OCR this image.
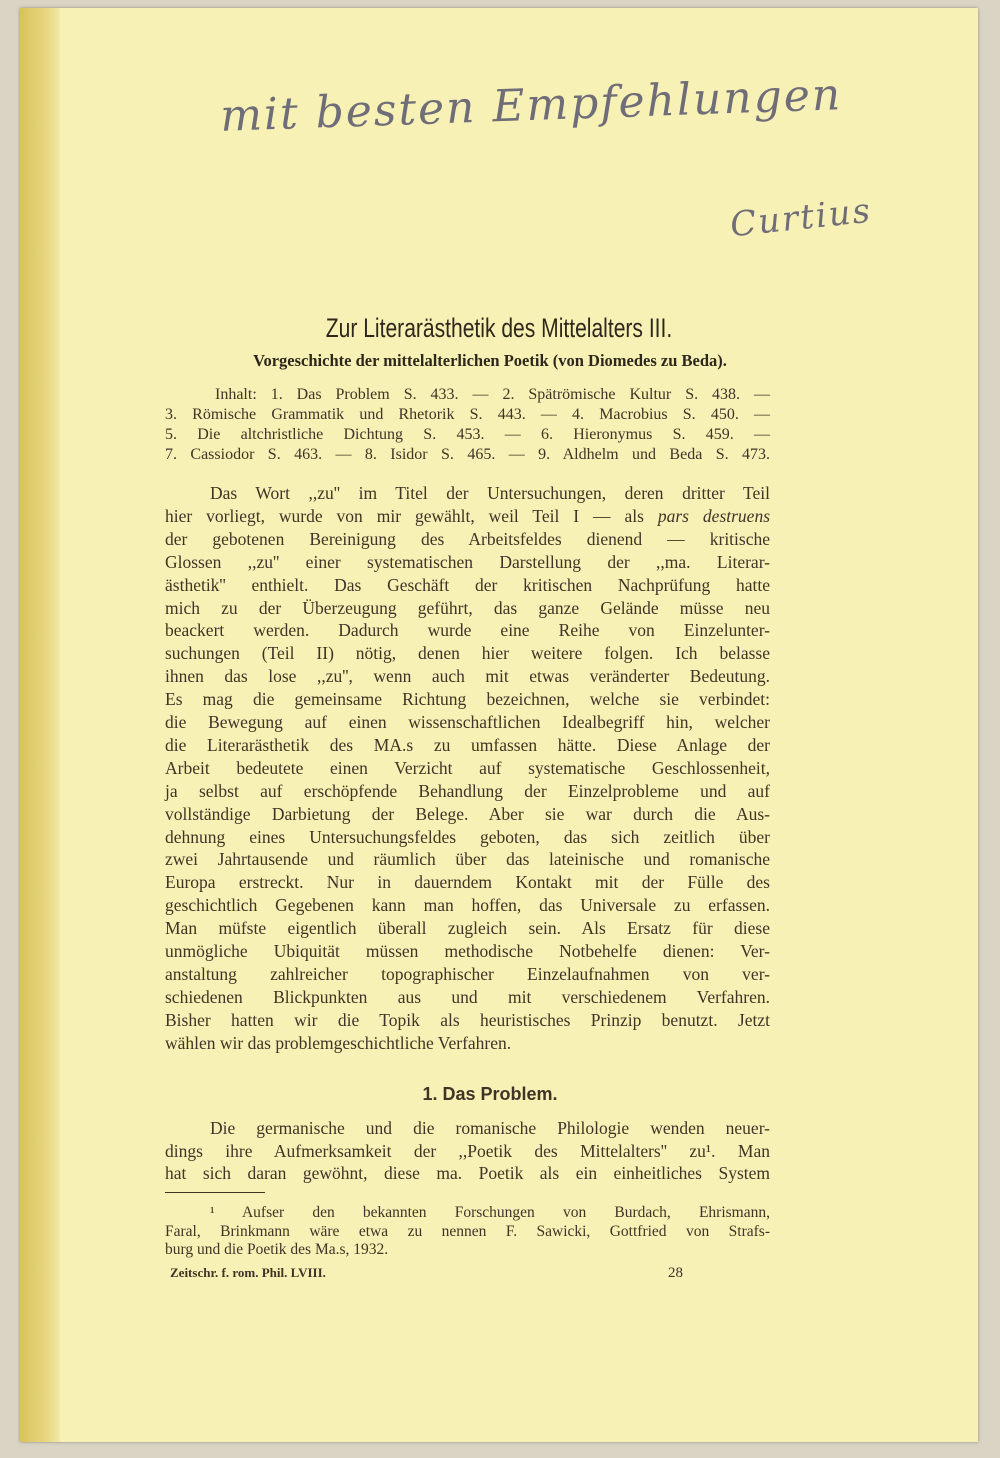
mit besten Empfehlungen
Curtius
Zur Literarästhetik des Mittelalters III.
Vorgeschichte der mittelalterlichen Poetik (von Diomedes zu Beda).
Inhalt: 1. Das Problem S. 433. — 2. Spätrömische Kultur S. 438. —
3. Römische Grammatik und Rhetorik S. 443. — 4. Macrobius S. 450. —
5. Die altchristliche Dichtung S. 453. — 6. Hieronymus S. 459. —
7. Cassiodor S. 463. — 8. Isidor S. 465. — 9. Aldhelm und Beda S. 473.
Das Wort ,,zu'' im Titel der Untersuchungen, deren dritter Teil
hier vorliegt, wurde von mir gewählt, weil Teil I — als pars destruens
der gebotenen Bereinigung des Arbeitsfeldes dienend — kritische
Glossen ,,zu'' einer systematischen Darstellung der ,,ma. Literar-
ästhetik'' enthielt. Das Geschäft der kritischen Nachprüfung hatte
mich zu der Überzeugung geführt, das ganze Gelände müsse neu
beackert werden. Dadurch wurde eine Reihe von Einzelunter-
suchungen (Teil II) nötig, denen hier weitere folgen. Ich belasse
ihnen das lose ,,zu'', wenn auch mit etwas veränderter Bedeutung.
Es mag die gemeinsame Richtung bezeichnen, welche sie verbindet:
die Bewegung auf einen wissenschaftlichen Idealbegriff hin, welcher
die Literarästhetik des MA.s zu umfassen hätte. Diese Anlage der
Arbeit bedeutete einen Verzicht auf systematische Geschlossenheit,
ja selbst auf erschöpfende Behandlung der Einzelprobleme und auf
vollständige Darbietung der Belege. Aber sie war durch die Aus-
dehnung eines Untersuchungsfeldes geboten, das sich zeitlich über
zwei Jahrtausende und räumlich über das lateinische und romanische
Europa erstreckt. Nur in dauerndem Kontakt mit der Fülle des
geschichtlich Gegebenen kann man hoffen, das Universale zu erfassen.
Man müfste eigentlich überall zugleich sein. Als Ersatz für diese
unmögliche Ubiquität müssen methodische Notbehelfe dienen: Ver-
anstaltung zahlreicher topographischer Einzelaufnahmen von ver-
schiedenen Blickpunkten aus und mit verschiedenem Verfahren.
Bisher hatten wir die Topik als heuristisches Prinzip benutzt. Jetzt
wählen wir das problemgeschichtliche Verfahren.
1. Das Problem.
Die germanische und die romanische Philologie wenden neuer-
dings ihre Aufmerksamkeit der ,,Poetik des Mittelalters'' zu¹. Man
hat sich daran gewöhnt, diese ma. Poetik als ein einheitliches System
¹ Aufser den bekannten Forschungen von Burdach, Ehrismann,
Faral, Brinkmann wäre etwa zu nennen F. Sawicki, Gottfried von Strafs-
burg und die Poetik des Ma.s, 1932.
Zeitschr. f. rom. Phil. LVIII.	28
